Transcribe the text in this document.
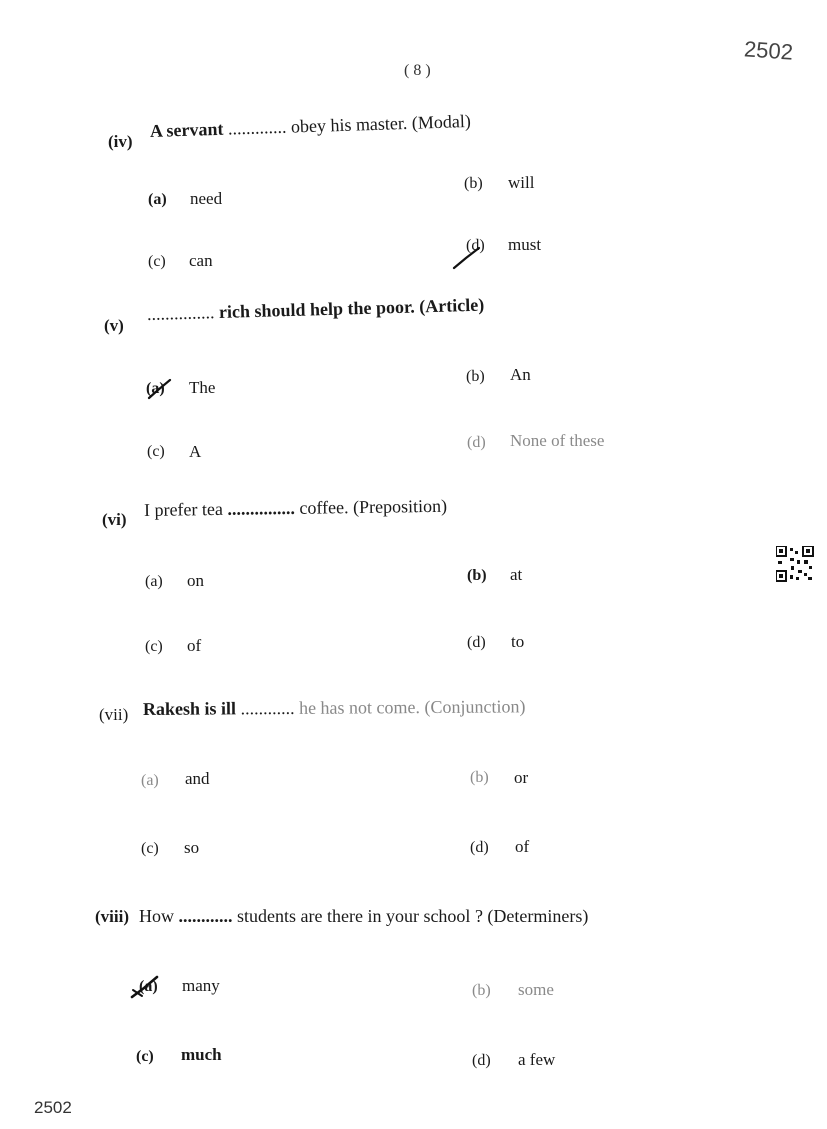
( 8 )
2502
(iv)
A servant ............. obey his master. (Modal)
(a) need
(b) will
(c) can
(d) must
(v)
............... rich should help the poor. (Article)
(a) The
(b) An
(c) A	(d) None of these
(vi) I prefer tea ............... coffee. (Preposition)
(a) on	(b) at
(c) of	(d) to
(vii) Rakesh is ill ............ he has not come. (Conjunction)
(a) and	(b) or
(c) so	(d) of
(viii) How ............ students are there in your school ? (Determiners)
(a) many	(b) some
(c) much	(d) a few
2502
